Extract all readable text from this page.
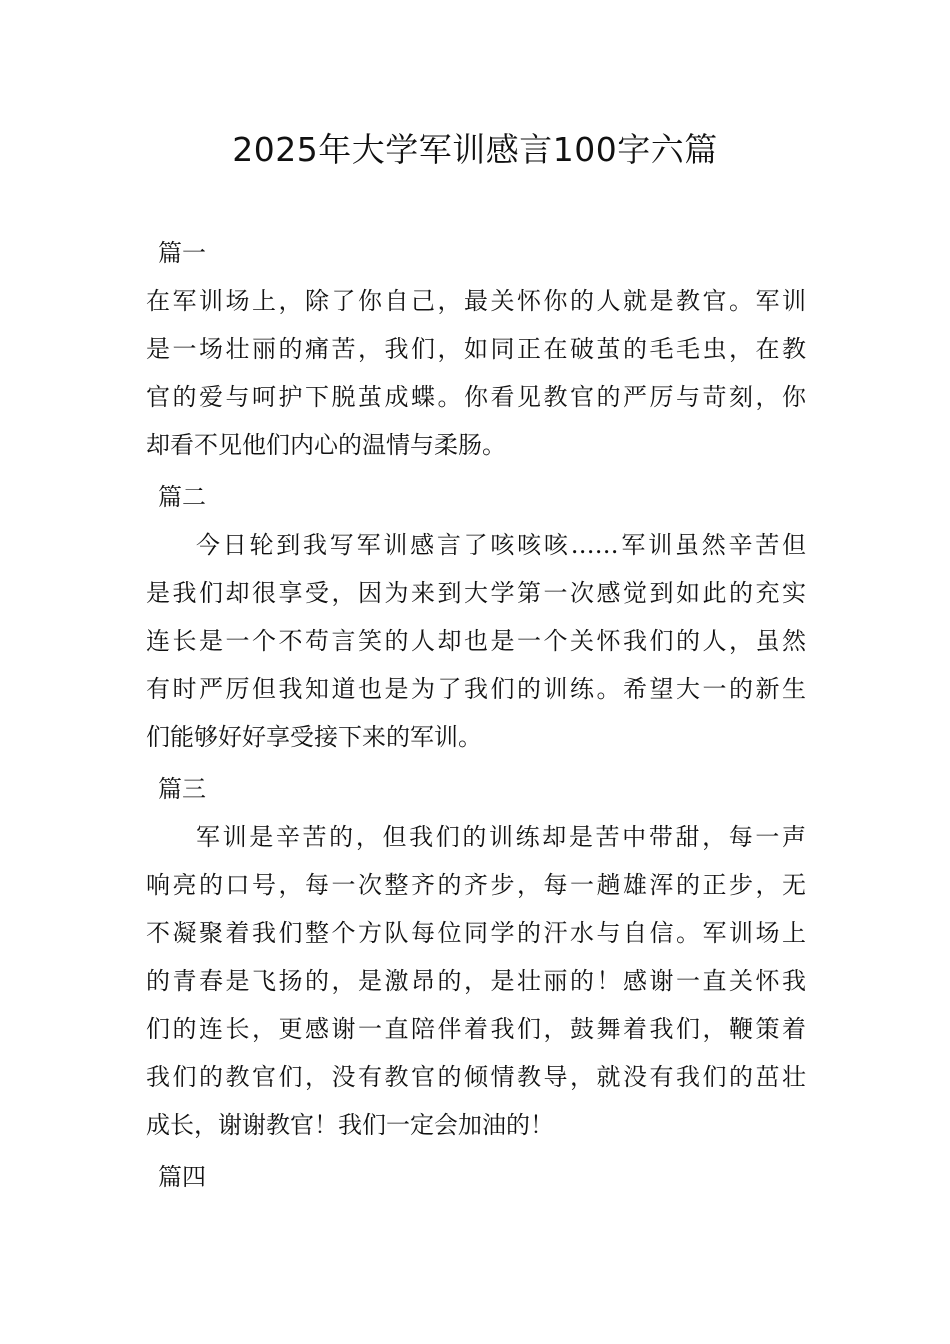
2025年大学军训感言100字六篇
篇一
在军训场上，除了你自己，最关怀你的人就是教官。军训
是一场壮丽的痛苦，我们，如同正在破茧的毛毛虫，在教
官的爱与呵护下脱茧成蝶。你看见教官的严厉与苛刻，你
却看不见他们内心的温情与柔肠。
篇二
今日轮到我写军训感言了咳咳咳……军训虽然辛苦但
是我们却很享受，因为来到大学第一次感觉到如此的充实
连长是一个不苟言笑的人却也是一个关怀我们的人，虽然
有时严厉但我知道也是为了我们的训练。希望大一的新生
们能够好好享受接下来的军训。
篇三
军训是辛苦的，但我们的训练却是苦中带甜，每一声
响亮的口号，每一次整齐的齐步，每一趟雄浑的正步，无
不凝聚着我们整个方队每位同学的汗水与自信。军训场上
的青春是飞扬的，是激昂的，是壮丽的！感谢一直关怀我
们的连长，更感谢一直陪伴着我们，鼓舞着我们，鞭策着
我们的教官们，没有教官的倾情教导，就没有我们的茁壮
成长，谢谢教官！我们一定会加油的！
篇四
